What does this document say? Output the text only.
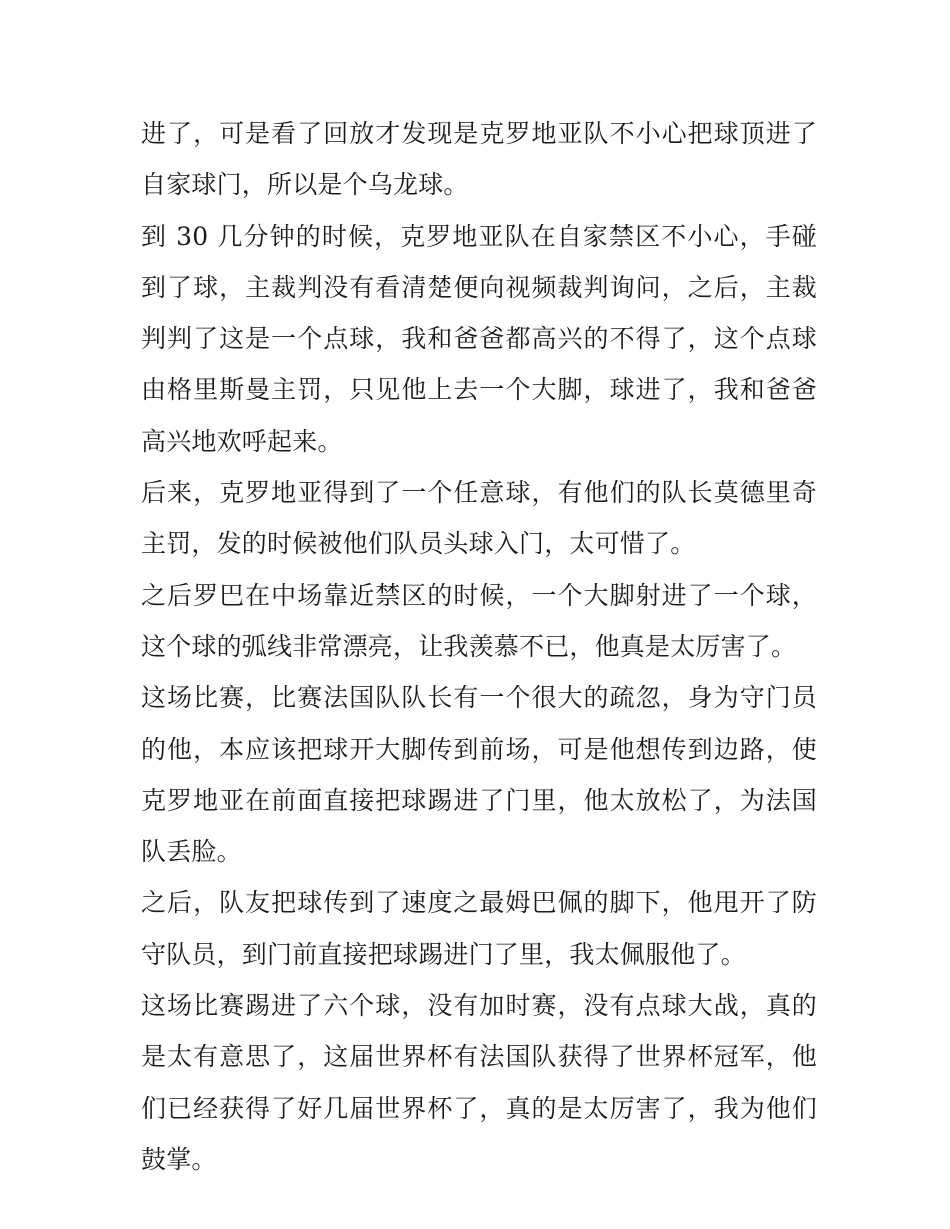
进了，可是看了回放才发现是克罗地亚队不小心把球顶进了自家球门，所以是个乌龙球。

到 30 几分钟的时候，克罗地亚队在自家禁区不小心，手碰到了球，主裁判没有看清楚便向视频裁判询问，之后，主裁判判了这是一个点球，我和爸爸都高兴的不得了，这个点球由格里斯曼主罚，只见他上去一个大脚，球进了，我和爸爸高兴地欢呼起来。

后来，克罗地亚得到了一个任意球，有他们的队长莫德里奇主罚，发的时候被他们队员头球入门，太可惜了。

之后罗巴在中场靠近禁区的时候，一个大脚射进了一个球，这个球的弧线非常漂亮，让我羡慕不已，他真是太厉害了。

这场比赛，比赛法国队队长有一个很大的疏忽，身为守门员的他，本应该把球开大脚传到前场，可是他想传到边路，使克罗地亚在前面直接把球踢进了门里，他太放松了，为法国队丢脸。

之后，队友把球传到了速度之最姆巴佩的脚下，他甩开了防守队员，到门前直接把球踢进门了里，我太佩服他了。

这场比赛踢进了六个球，没有加时赛，没有点球大战，真的是太有意思了，这届世界杯有法国队获得了世界杯冠军，他们已经获得了好几届世界杯了，真的是太厉害了，我为他们鼓掌。
